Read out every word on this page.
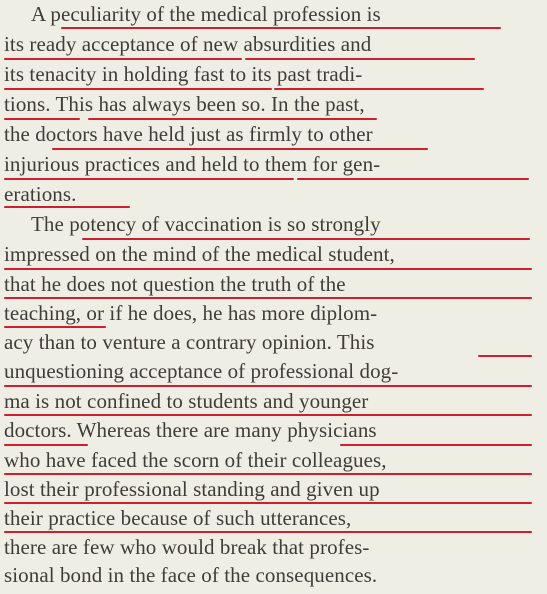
A peculiarity of the medical profession is
its ready acceptance of new absurdities and
its tenacity in holding fast to its past tradi-
tions. This has always been so. In the past,
the doctors have held just as firmly to other
injurious practices and held to them for gen-
erations.
The potency of vaccination is so strongly
impressed on the mind of the medical student,
that he does not question the truth of the
teaching, or if he does, he has more diplom-
acy than to venture a contrary opinion. This
unquestioning acceptance of professional dog-
ma is not confined to students and younger
doctors. Whereas there are many physicians
who have faced the scorn of their colleagues,
lost their professional standing and given up
their practice because of such utterances,
there are few who would break that profes-
sional bond in the face of the consequences.
